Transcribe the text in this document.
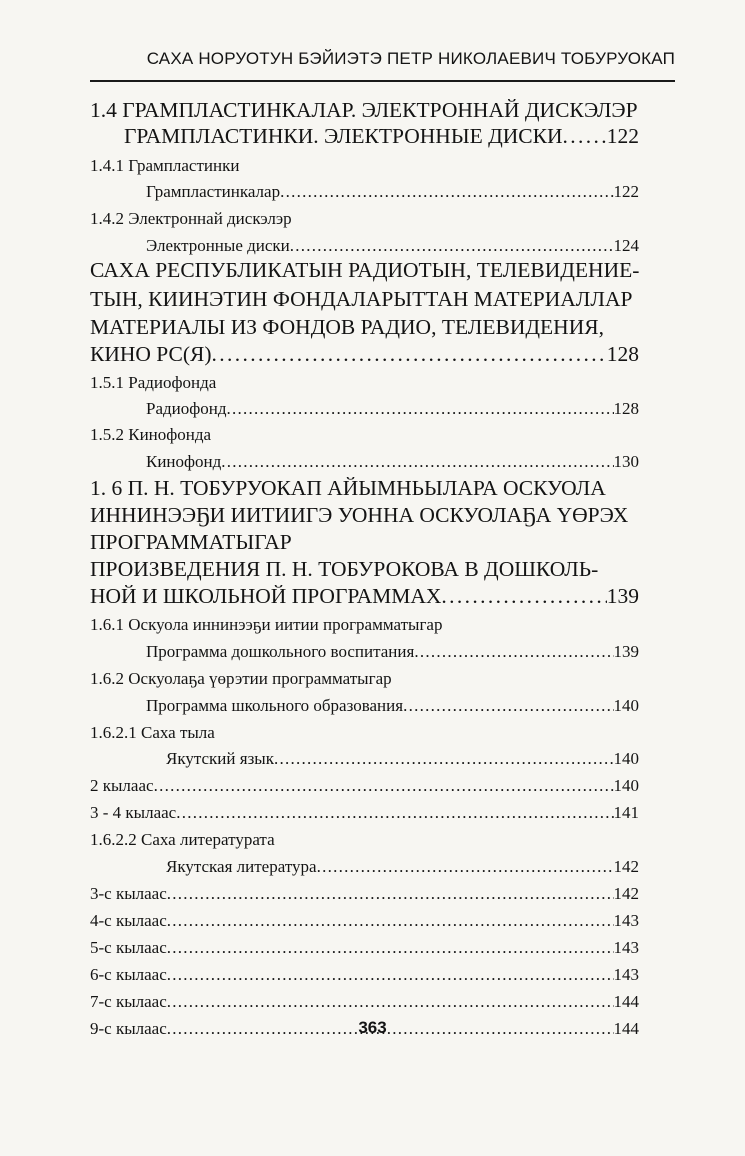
САХА НОРУОТУН БЭЙИЭТЭ ПЕТР НИКОЛАЕВИЧ ТОБУРУОКАП
1.4 ГРАМПЛАСТИНКАЛАР. ЭЛЕКТРОННАЙ ДИСКЭЛЭР
ГРАМПЛАСТИНКИ. ЭЛЕКТРОННЫЕ ДИСКИ . . . 122
1.4.1 Грампластинки
Грампластинкалар . . .	122
1.4.2 Электроннай дискэлэр
Электронные диски . . .	124
САХА РЕСПУБЛИКАТЫН РАДИОТЫН, ТЕЛЕВИДЕНИЕ-
ТЫН, КИИНЭТИН ФОНДАЛАРЫТТАН МАТЕРИАЛЛАР
МАТЕРИАЛЫ ИЗ ФОНДОВ РАДИО, ТЕЛЕВИДЕНИЯ,
КИНО РС(Я) . . .	128
1.5.1 Радиофонда
Радиофонд . . .	128
1.5.2 Кинофонда
Кинофонд . . .	130
1. 6 П. Н. ТОБУРУОКАП АЙЫМНЬЫЛАРА ОСКУОЛА
ИННИНЭЭҔИ ИИТИИГЭ УОННА ОСКУОЛАҔА ҮӨРЭХ
ПРОГРАММАТЫГАР
ПРОИЗВЕДЕНИЯ П. Н. ТОБУРОКОВА В ДОШКОЛЬ-
НОЙ И ШКОЛЬНОЙ ПРОГРАММАХ . . .	139
1.6.1 Оскуола иннинээҕи иитии программатыгар
Программа дошкольного воспитания . . .	139
1.6.2 Оскуолаҕа үөрэтии программатыгар
Программа школьного образования . . .	140
1.6.2.1 Саха тыла
Якутский язык . . .	140
2 кылаас . . .	140
3 - 4 кылаас . . .	141
1.6.2.2 Саха литературата
Якутская литература . . .	142
3-с кылаас . . .	142
4-с кылаас . . .	143
5-с кылаас . . .	143
6-с кылаас . . .	143
7-с кылаас . . .	144
9-с кылаас . . .	144
363
